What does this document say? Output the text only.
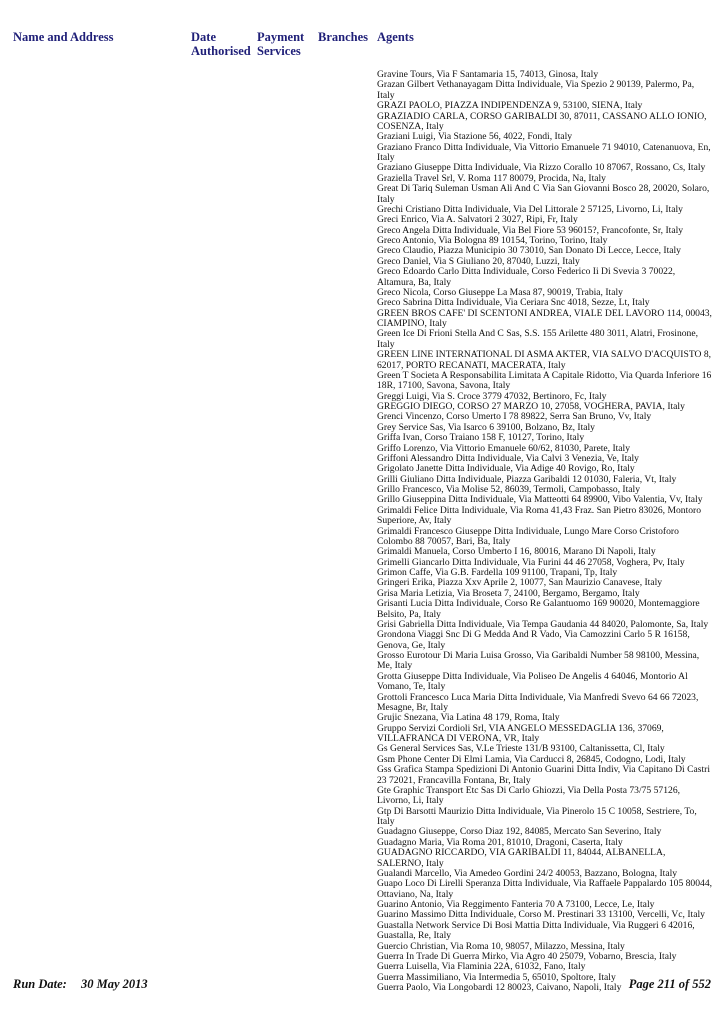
Name and Address	Date Authorised
Payment Services
Branches Agents
Gravine Tours, Via F Santamaria 15, 74013, Ginosa, Italy
Grazan Gilbert Vethanayagam Ditta Individuale, Via Spezio 2 90139, Palermo, Pa, Italy
GRAZI PAOLO, PIAZZA INDIPENDENZA 9, 53100, SIENA, Italy
GRAZIADIO CARLA, CORSO GARIBALDI 30, 87011, CASSANO ALLO IONIO, COSENZA, Italy
Graziani Luigi, Via Stazione 56, 4022, Fondi, Italy
Graziano Franco Ditta Individuale, Via Vittorio Emanuele 71 94010, Catenanuova, En, Italy
Graziano Giuseppe Ditta Individuale, Via Rizzo Corallo 10 87067, Rossano, Cs, Italy
Graziella Travel Srl, V. Roma 117 80079, Procida, Na, Italy
Great Di Tariq Suleman Usman Ali And C Via San Giovanni Bosco 28, 20020, Solaro, Italy
Grechi Cristiano Ditta Individuale, Via Del Littorale 2 57125, Livorno, Li, Italy
Greci Enrico, Via A. Salvatori 2 3027, Ripi, Fr, Italy
Greco Angela Ditta Individuale, Via Bel Fiore 53 96015?, Francofonte, Sr, Italy
Greco Antonio, Via Bologna 89 10154, Torino, Torino, Italy
Greco Claudio, Piazza Municipio 30 73010, San Donato Di Lecce, Lecce, Italy
Greco Daniel, Via S Giuliano 20, 87040, Luzzi, Italy
Greco Edoardo Carlo Ditta Individuale, Corso Federico Ii Di Svevia 3 70022, Altamura, Ba, Italy
Greco Nicola, Corso Giuseppe La Masa 87, 90019, Trabia, Italy
Greco Sabrina Ditta Individuale, Via Ceriara Snc 4018, Sezze, Lt, Italy
GREEN BROS CAFE' DI SCENTONI ANDREA, VIALE DEL LAVORO 114, 00043, CIAMPINO, Italy
Green Ice Di Frioni Stella And C Sas, S.S. 155 Arilette 480 3011, Alatri, Frosinone, Italy
GREEN LINE INTERNATIONAL DI ASMA AKTER, VIA SALVO D'ACQUISTO 8, 62017, PORTO RECANATI, MACERATA, Italy
Green T Societa A Responsabilita Limitata A Capitale Ridotto, Via Quarda Inferiore 16 18R, 17100, Savona, Savona, Italy
Greggi Luigi, Via S. Croce 3779 47032, Bertinoro, Fc, Italy
GREGGIO DIEGO, CORSO 27 MARZO 10, 27058, VOGHERA, PAVIA, Italy
Grenci Vincenzo, Corso Umerto I 78 89822, Serra San Bruno, Vv, Italy
Grey Service Sas, Via Isarco 6 39100, Bolzano, Bz, Italy
Griffa Ivan, Corso Traiano 158 F, 10127, Torino, Italy
Griffo Lorenzo, Via Vittorio Emanuele 60/62, 81030, Parete, Italy
Griffoni Alessandro Ditta Individuale, Via Calvi 3 Venezia, Ve, Italy
Grigolato Janette Ditta Individuale, Via Adige 40 Rovigo, Ro, Italy
Grilli Giuliano Ditta Individuale, Piazza Garibaldi 12 01030, Faleria, Vt, Italy
Grillo Francesco, Via Molise 52, 86039, Termoli, Campobasso, Italy
Grillo Giuseppina Ditta Individuale, Via Matteotti 64 89900, Vibo Valentia, Vv, Italy
Grimaldi Felice Ditta Individuale, Via Roma 41,43 Fraz. San Pietro 83026, Montoro Superiore, Av, Italy
Grimaldi Francesco Giuseppe Ditta Individuale, Lungo Mare Corso Cristoforo Colombo 88 70057, Bari, Ba, Italy
Grimaldi Manuela, Corso Umberto I 16, 80016, Marano Di Napoli, Italy
Grimelli Giancarlo Ditta Individuale, Via Furini 44 46 27058, Voghera, Pv, Italy
Grimon Caffe, Via G.B. Fardella 109 91100, Trapani, Tp, Italy
Gringeri Erika, Piazza Xxv Aprile 2, 10077, San Maurizio Canavese, Italy
Grisa Maria Letizia, Via Broseta 7, 24100, Bergamo, Bergamo, Italy
Grisanti Lucia Ditta Individuale, Corso Re Galantuomo 169 90020, Montemaggiore Belsito, Pa, Italy
Grisi Gabriella Ditta Individuale, Via Tempa Gaudania 44 84020, Palomonte, Sa, Italy
Grondona Viaggi Snc Di G Medda And R Vado, Via Camozzini Carlo 5 R 16158, Genova, Ge, Italy
Grosso Eurotour Di Maria Luisa Grosso, Via Garibaldi Number 58 98100, Messina, Me, Italy
Grotta Giuseppe Ditta Individuale, Via Poliseo De Angelis 4 64046, Montorio Al Vomano, Te, Italy
Grottoli Francesco Luca Maria Ditta Individuale, Via Manfredi Svevo 64 66 72023, Mesagne, Br, Italy
Grujic Snezana, Via Latina 48 179, Roma, Italy
Gruppo Servizi Cordioli Srl, VIA ANGELO MESSEDAGLIA 136, 37069, VILLAFRANCA DI VERONA, VR, Italy
Gs General Services Sas, V.Le Trieste 131/B 93100, Caltanissetta, Cl, Italy
Gsm Phone Center Di Elmi Lamia, Via Carducci 8, 26845, Codogno, Lodi, Italy
Gss Grafica Stampa Spedizioni Di Antonio Guarini Ditta Indiv, Via Capitano Di Castri 23 72021, Francavilla Fontana, Br, Italy
Gte Graphic Transport Etc Sas Di Carlo Ghiozzi, Via Della Posta 73/75 57126, Livorno, Li, Italy
Gtp Di Barsotti Maurizio Ditta Individuale, Via Pinerolo 15 C 10058, Sestriere, To, Italy
Guadagno Giuseppe, Corso Diaz 192, 84085, Mercato San Severino, Italy
Guadagno Maria, Via Roma 201, 81010, Dragoni, Caserta, Italy
GUADAGNO RICCARDO, VIA GARIBALDI 11, 84044, ALBANELLA, SALERNO, Italy
Gualandi Marcello, Via Amedeo Gordini 24/2 40053, Bazzano, Bologna, Italy
Guapo Loco Di Lirelli Speranza Ditta Individuale, Via Raffaele Pappalardo 105 80044, Ottaviano, Na, Italy
Guarino Antonio, Via Reggimento Fanteria 70 A 73100, Lecce, Le, Italy
Guarino Massimo Ditta Individuale, Corso M. Prestinari 33 13100, Vercelli, Vc, Italy
Guastalla Network Service Di Bosi Mattia Ditta Individuale, Via Ruggeri 6 42016, Guastalla, Re, Italy
Guercio Christian, Via Roma 10, 98057, Milazzo, Messina, Italy
Guerra In Trade Di Guerra Mirko, Via Agro 40 25079, Vobarno, Brescia, Italy
Guerra Luisella, Via Flaminia 22A, 61032, Fano, Italy
Guerra Massimiliano, Via Intermedia 5, 65010, Spoltore, Italy
Guerra Paolo, Via Longobardi 12 80023, Caivano, Napoli, Italy
Run Date: 30 May 2013	Page 211 of 552
